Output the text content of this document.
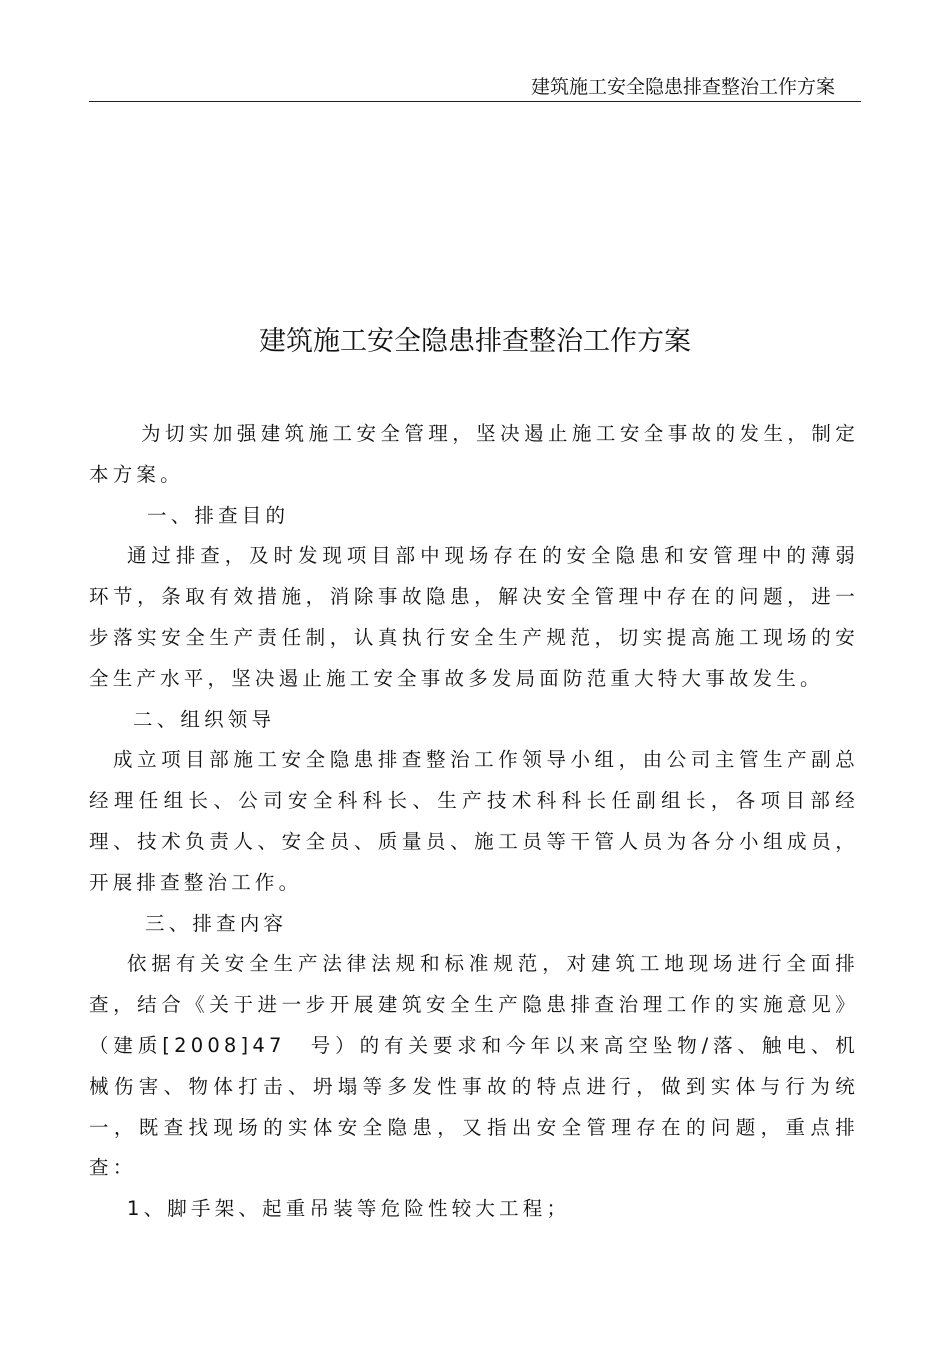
建筑施工安全隐患排查整治工作方案
建筑施工安全隐患排查整治工作方案

为切实加强建筑施工安全管理，坚决遏止施工安全事故的发生，制定本方案。

一、排查目的

通过排查，及时发现项目部中现场存在的安全隐患和安管理中的薄弱环节，条取有效措施，消除事故隐患，解决安全管理中存在的问题，进一步落实安全生产责任制，认真执行安全生产规范，切实提高施工现场的安全生产水平，坚决遏止施工安全事故多发局面防范重大特大事故发生。

二、组织领导

成立项目部施工安全隐患排查整治工作领导小组，由公司主管生产副总经理任组长、公司安全科科长、生产技术科科长任副组长，各项目部经理、技术负责人、安全员、质量员、施工员等干管人员为各分小组成员，开展排查整治工作。

三、排查内容

依据有关安全生产法律法规和标准规范，对建筑工地现场进行全面排查，结合《关于进一步开展建筑安全生产隐患排查治理工作的实施意见》（建质[2008]47　号）的有关要求和今年以来高空坠物/落、触电、机械伤害、物体打击、坍塌等多发性事故的特点进行，做到实体与行为统一，既查找现场的实体安全隐患，又指出安全管理存在的问题，重点排查：

1、脚手架、起重吊装等危险性较大工程；
